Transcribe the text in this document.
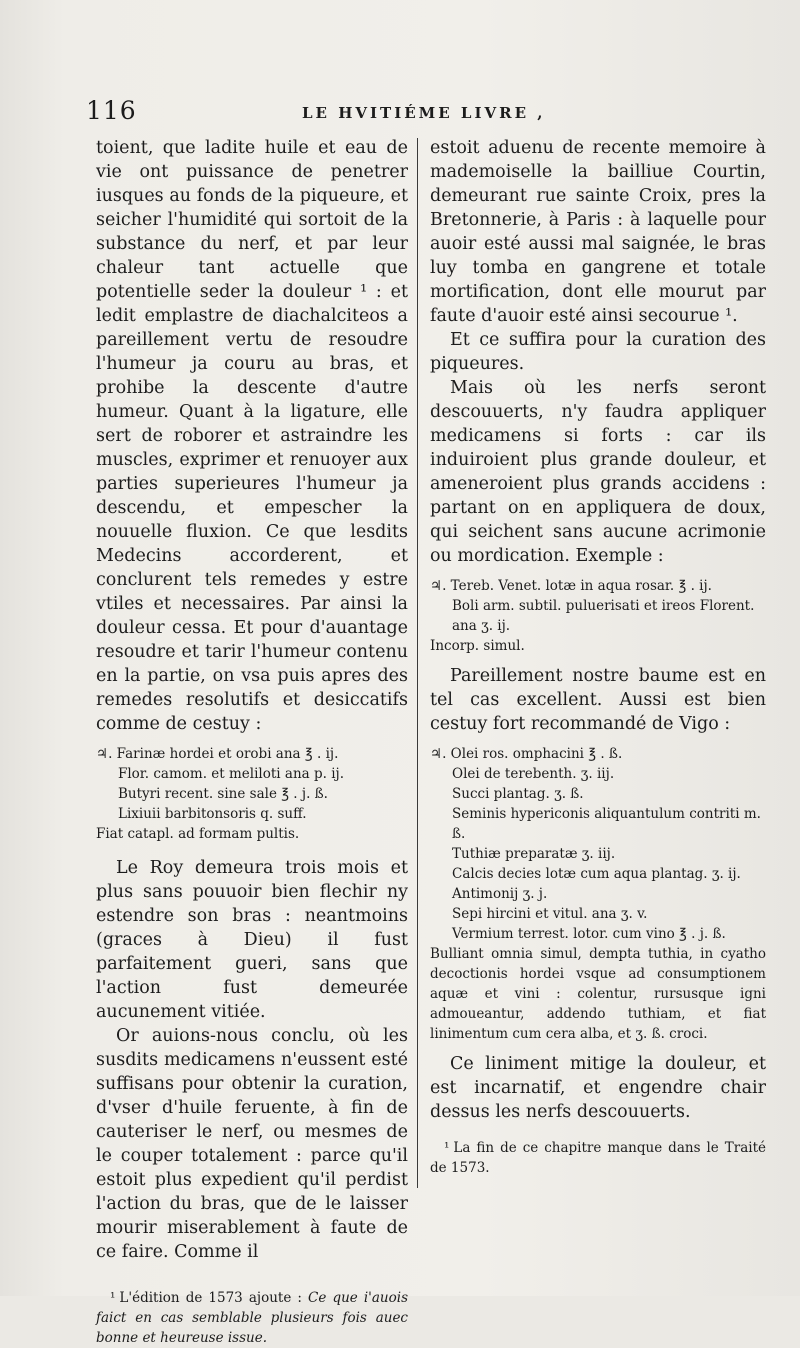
116	LE HVITIÉME LIVRE ,

toient, que ladite huile et eau de vie ont puissance de penetrer iusques au fonds de la piqueure, et seicher l'humidité qui sortoit de la substance du nerf, et par leur chaleur tant actuelle que potentielle seder la douleur ¹ : et ledit emplastre de diachalciteos a pareillement vertu de resoudre l'humeur ja couru au bras, et prohibe la descente d'autre humeur. Quant à la ligature, elle sert de roborer et astraindre les muscles, exprimer et renuoyer aux parties superieures l'humeur ja descendu, et empescher la nouuelle fluxion. Ce que lesdits Medecins accorderent, et conclurent tels remedes y estre vtiles et necessaires. Par ainsi la douleur cessa. Et pour d'auantage resoudre et tarir l'humeur contenu en la partie, on vsa puis apres des remedes resolutifs et desiccatifs comme de cestuy :

♃. Farinæ hordei et orobi ana ℥ . ij.

Flor. camom. et meliloti ana p. ij.

Butyri recent. sine sale ℥ . j. ß.

Lixiuii barbitonsoris q. suff.

Fiat catapl. ad formam pultis.

Le Roy demeura trois mois et plus sans pouuoir bien flechir ny estendre son bras : neantmoins (graces à Dieu) il fust parfaitement gueri, sans que l'action fust demeurée aucunement vitiée.

Or auions-nous conclu, où les susdits medicamens n'eussent esté suffisans pour obtenir la curation, d'vser d'huile feruente, à fin de cauteriser le nerf, ou mesmes de le couper totalement : parce qu'il estoit plus expedient qu'il perdist l'action du bras, que de le laisser mourir miserablement à faute de ce faire. Comme il

¹ L'édition de 1573 ajoute : Ce que i'auois faict en cas semblable plusieurs fois auec bonne et heureuse issue.

estoit aduenu de recente memoire à mademoiselle la bailliue Courtin, demeurant rue sainte Croix, pres la Bretonnerie, à Paris : à laquelle pour auoir esté aussi mal saignée, le bras luy tomba en gangrene et totale mortification, dont elle mourut par faute d'auoir esté ainsi secourue ¹.

Et ce suffira pour la curation des piqueures.

Mais où les nerfs seront descouuerts, n'y faudra appliquer medicamens si forts : car ils induiroient plus grande douleur, et ameneroient plus grands accidens : partant on en appliquera de doux, qui seichent sans aucune acrimonie ou mordication. Exemple :

♃. Tereb. Venet. lotæ in aqua rosar. ℥ . ij.

Boli arm. subtil. puluerisati et ireos Florent. ana ʒ. ij.

Incorp. simul.

Pareillement nostre baume est en tel cas excellent. Aussi est bien cestuy fort recommandé de Vigo :

♃. Olei ros. omphacini ℥ . ß.

Olei de terebenth. ʒ. iij.

Succi plantag. ʒ. ß.

Seminis hypericonis aliquantulum contriti m. ß.

Tuthiæ preparatæ ʒ. iij.

Calcis decies lotæ cum aqua plantag. ʒ. ij.

Antimonij ʒ. j.

Sepi hircini et vitul. ana ʒ. v.

Vermium terrest. lotor. cum vino ℥ . j. ß.

Bulliant omnia simul, dempta tuthia, in cyatho decoctionis hordei vsque ad consumptionem aquæ et vini : colentur, rursusque igni admoueantur, addendo tuthiam, et fiat linimentum cum cera alba, et ʒ. ß. croci.

Ce liniment mitige la douleur, et est incarnatif, et engendre chair dessus les nerfs descouuerts.

¹ La fin de ce chapitre manque dans le Traité de 1573.
